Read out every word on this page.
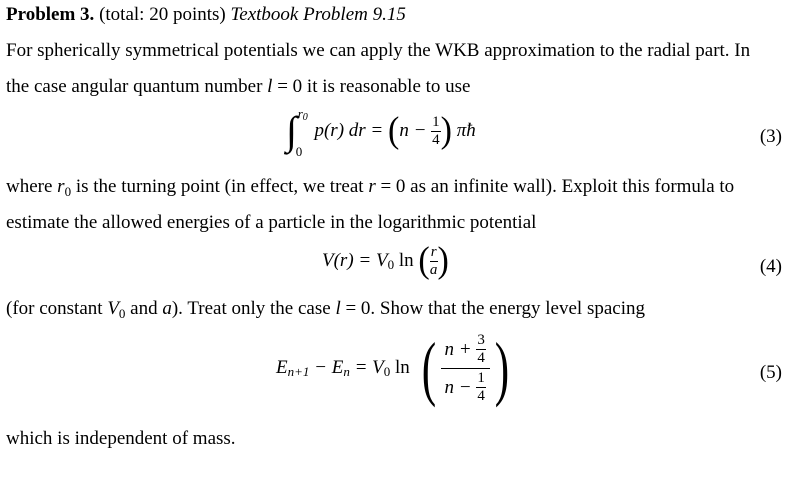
Problem 3. (total: 20 points) Textbook Problem 9.15
For spherically symmetrical potentials we can apply the WKB approximation to the radial part. In
the case angular quantum number l = 0 it is reasonable to use
∫ r0
0
p(r) dr = ($n - \frac{1}{4}$ ) πħ	(3)
where $r_0$ is the turning point (in effect, we treat r = 0 as an infinite wall). Exploit this formula to
estimate the allowed energies of a particle in the logarithmic potential
$V(r) = V_0$ ln ( $\frac{r}{a}$ )	(4)
(for constant $V_0$ and a). Treat only the case l = 0. Show that the energy level spacing
$E_{n+1} - E_n = V_0$ ln ( $\frac{n + \frac{3}{4}}{n - \frac{1}{4}}$ )	(5)
which is independent of mass.
